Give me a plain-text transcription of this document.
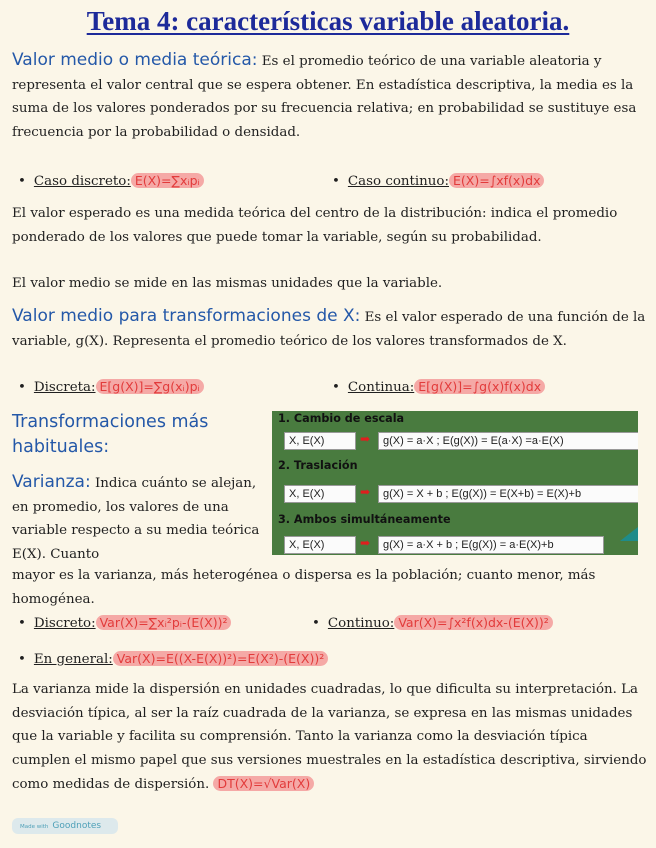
Tema 4: características variable aleatoria.

Valor medio o media teórica: Es el promedio teórico de una variable aleatoria y representa el valor central que se espera obtener. En estadística descriptiva, la media es la suma de los valores ponderados por su frecuencia relativa; en probabilidad se sustituye esa frecuencia por la probabilidad o densidad.

• Caso discreto: E(X)=∑xᵢpᵢ	• Caso continuo: E(X)=∫xf(x)dx

El valor esperado es una medida teórica del centro de la distribución: indica el promedio ponderado de los valores que puede tomar la variable, según su probabilidad.

El valor medio se mide en las mismas unidades que la variable.

Valor medio para transformaciones de X: Es el valor esperado de una función de la variable, g(X). Representa el promedio teórico de los valores transformados de X.

• Discreta: E[g(X)]=∑g(xᵢ)pᵢ	• Continua: E[g(X)]=∫g(x)f(x)dx
Transformaciones más habituales:
1. Cambio de escala
X, E(X)	➡	g(X) = a·X ; E(g(X)) = E(a·X) =a·E(X)
2. Traslación
X, E(X)	➡	g(X) = X + b ; E(g(X)) = E(X+b) = E(X)+b
3. Ambos simultáneamente
X, E(X)	➡	g(X) = a·X + b ; E(g(X)) = a·E(X)+b

Varianza: Indica cuánto se alejan, en promedio, los valores de una variable respecto a su media teórica E(X). Cuanto

mayor es la varianza, más heterogénea o dispersa es la población; cuanto menor, más homogénea.

• Discreto: Var(X)=∑xᵢ²pᵢ-(E(X))²	• Continuo: Var(X)=∫x²f(x)dx-(E(X))²
• En general: Var(X)=E((X-E(X))²)=E(X²)-(E(X))²

La varianza mide la dispersión en unidades cuadradas, lo que dificulta su interpretación. La desviación típica, al ser la raíz cuadrada de la varianza, se expresa en las mismas unidades que la variable y facilita su comprensión. Tanto la varianza como la desviación típica cumplen el mismo papel que sus versiones muestrales en la estadística descriptiva, sirviendo como medidas de dispersión. DT(X)=√Var(X)

Made with Goodnotes
